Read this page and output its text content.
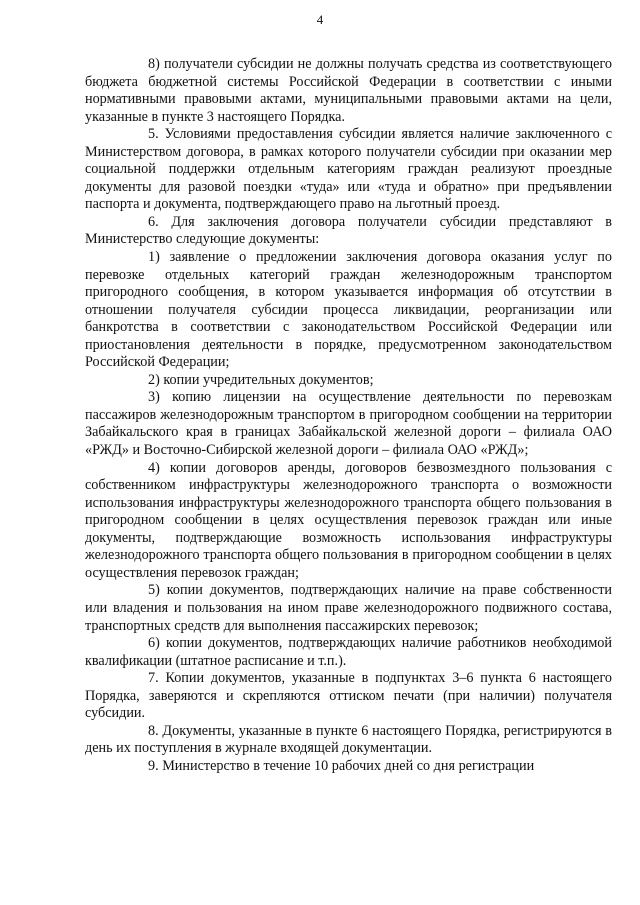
4

8) получатели субсидии не должны получать средства из соответствующего бюджета бюджетной системы Российской Федерации в соответствии с иными нормативными правовыми актами, муниципальными правовыми актами на цели, указанные в пункте 3 настоящего Порядка.

5. Условиями предоставления субсидии является наличие заключенного с Министерством договора, в рамках которого получатели субсидии при оказании мер социальной поддержки отдельным категориям граждан реализуют проездные документы для разовой поездки «туда» или «туда и обратно» при предъявлении паспорта и документа, подтверждающего право на льготный проезд.

6. Для заключения договора получатели субсидии представляют в Министерство следующие документы:

1) заявление о предложении заключения договора оказания услуг по перевозке отдельных категорий граждан железнодорожным транспортом пригородного сообщения, в котором указывается информация об отсутствии в отношении получателя субсидии процесса ликвидации, реорганизации или банкротства в соответствии с законодательством Российской Федерации или приостановления деятельности в порядке, предусмотренном законодательством Российской Федерации;

2) копии учредительных документов;

3) копию лицензии на осуществление деятельности по перевозкам пассажиров железнодорожным транспортом в пригородном сообщении на территории Забайкальского края в границах Забайкальской железной дороги – филиала ОАО «РЖД» и Восточно-Сибирской железной дороги – филиала ОАО «РЖД»;

4) копии договоров аренды, договоров безвозмездного пользования с собственником инфраструктуры железнодорожного транспорта о возможности использования инфраструктуры железнодорожного транспорта общего пользования в пригородном сообщении в целях осуществления перевозок граждан или иные документы, подтверждающие возможность использования инфраструктуры железнодорожного транспорта общего пользования в пригородном сообщении в целях осуществления перевозок граждан;

5) копии документов, подтверждающих наличие на праве собственности или владения и пользования на ином праве железнодорожного подвижного состава, транспортных средств для выполнения пассажирских перевозок;

6) копии документов, подтверждающих наличие работников необходимой квалификации (штатное расписание и т.п.).

7. Копии документов, указанные в подпунктах 3–6 пункта 6 настоящего Порядка, заверяются и скрепляются оттиском печати (при наличии) получателя субсидии.

8. Документы, указанные в пункте 6 настоящего Порядка, регистрируются в день их поступления в журнале входящей документации.

9. Министерство в течение 10 рабочих дней со дня регистрации
